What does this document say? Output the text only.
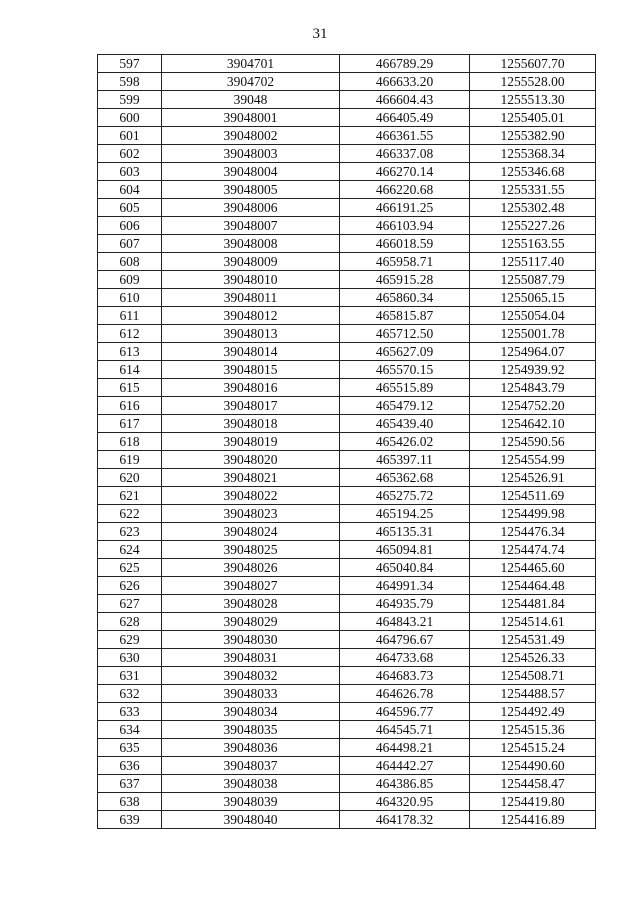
31
597	3904701	466789.29	1255607.70
598	3904702	466633.20	1255528.00
599	39048	466604.43	1255513.30
600	39048001	466405.49	1255405.01
601	39048002	466361.55	1255382.90
602	39048003	466337.08	1255368.34
603	39048004	466270.14	1255346.68
604	39048005	466220.68	1255331.55
605	39048006	466191.25	1255302.48
606	39048007	466103.94	1255227.26
607	39048008	466018.59	1255163.55
608	39048009	465958.71	1255117.40
609	39048010	465915.28	1255087.79
610	39048011	465860.34	1255065.15
611	39048012	465815.87	1255054.04
612	39048013	465712.50	1255001.78
613	39048014	465627.09	1254964.07
614	39048015	465570.15	1254939.92
615	39048016	465515.89	1254843.79
616	39048017	465479.12	1254752.20
617	39048018	465439.40	1254642.10
618	39048019	465426.02	1254590.56
619	39048020	465397.11	1254554.99
620	39048021	465362.68	1254526.91
621	39048022	465275.72	1254511.69
622	39048023	465194.25	1254499.98
623	39048024	465135.31	1254476.34
624	39048025	465094.81	1254474.74
625	39048026	465040.84	1254465.60
626	39048027	464991.34	1254464.48
627	39048028	464935.79	1254481.84
628	39048029	464843.21	1254514.61
629	39048030	464796.67	1254531.49
630	39048031	464733.68	1254526.33
631	39048032	464683.73	1254508.71
632	39048033	464626.78	1254488.57
633	39048034	464596.77	1254492.49
634	39048035	464545.71	1254515.36
635	39048036	464498.21	1254515.24
636	39048037	464442.27	1254490.60
637	39048038	464386.85	1254458.47
638	39048039	464320.95	1254419.80
639	39048040	464178.32	1254416.89
